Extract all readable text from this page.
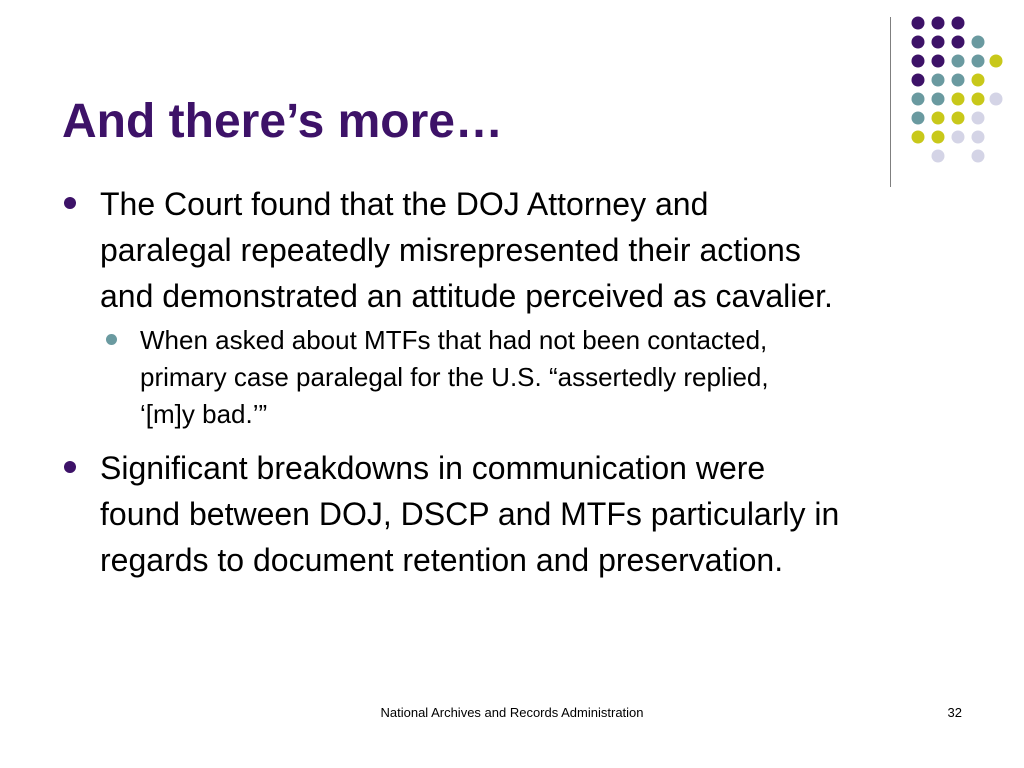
And there’s more…
The Court found that the DOJ Attorney and
paralegal repeatedly misrepresented their actions
and demonstrated an attitude perceived as cavalier.
Significant breakdowns in communication were
found between DOJ, DSCP and MTFs particularly in
regards to document retention and preservation.
When asked about MTFs that had not been contacted,
primary case paralegal for the U.S. “assertedly replied,
‘[m]y bad.’”
National Archives and Records Administration	32
